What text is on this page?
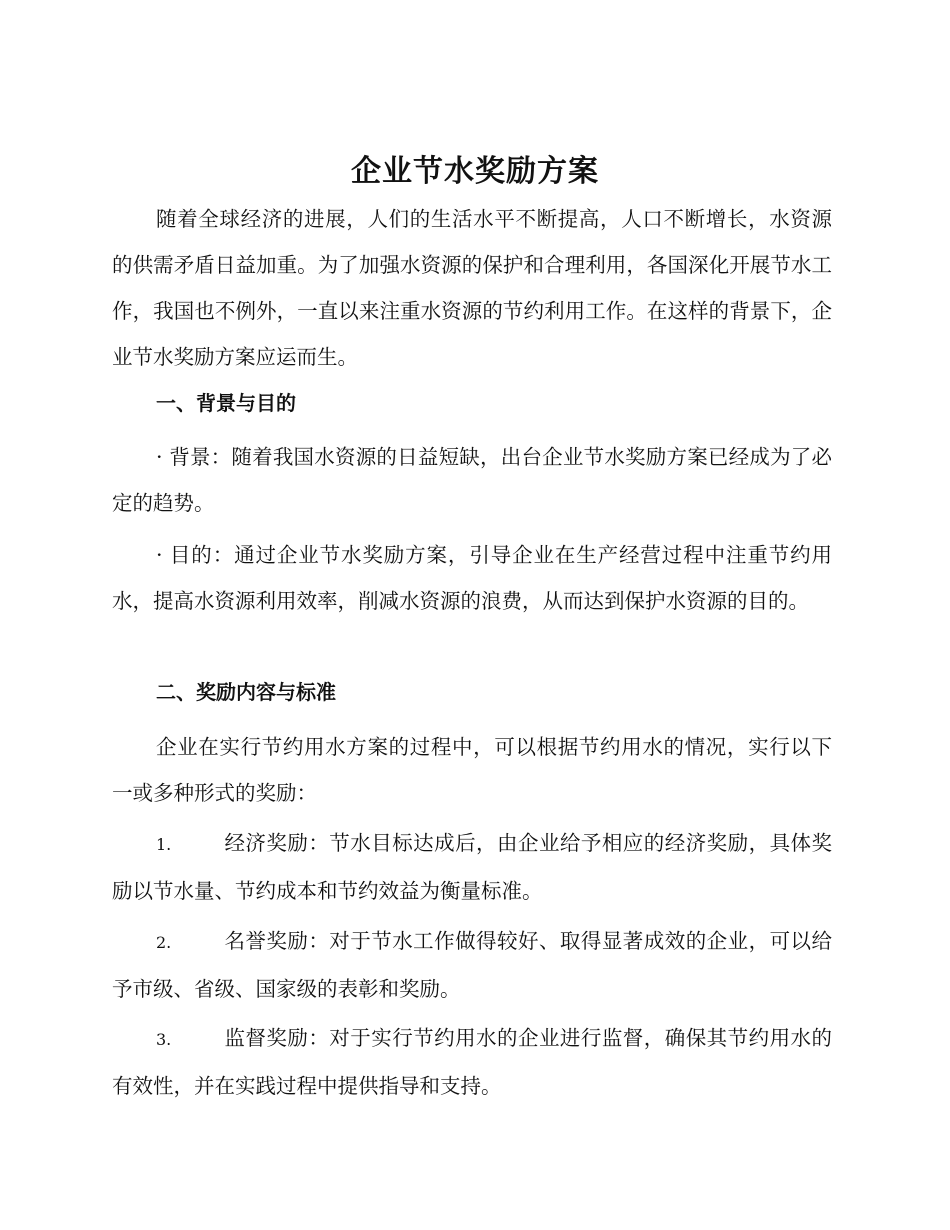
企业节水奖励方案

随着全球经济的进展，人们的生活水平不断提高，人口不断增长，水资源的供需矛盾日益加重。为了加强水资源的保护和合理利用，各国深化开展节水工作，我国也不例外，一直以来注重水资源的节约利用工作。在这样的背景下，企业节水奖励方案应运而生。

一、背景与目的

· 背景：随着我国水资源的日益短缺，出台企业节水奖励方案已经成为了必定的趋势。

· 目的：通过企业节水奖励方案，引导企业在生产经营过程中注重节约用水，提高水资源利用效率，削减水资源的浪费，从而达到保护水资源的目的。

二、奖励内容与标准

企业在实行节约用水方案的过程中，可以根据节约用水的情况，实行以下一或多种形式的奖励：

1.	经济奖励：节水目标达成后，由企业给予相应的经济奖励，具体奖励以节水量、节约成本和节约效益为衡量标准。

2.	名誉奖励：对于节水工作做得较好、取得显著成效的企业，可以给予市级、省级、国家级的表彰和奖励。

3.	监督奖励：对于实行节约用水的企业进行监督，确保其节约用水的有效性，并在实践过程中提供指导和支持。
